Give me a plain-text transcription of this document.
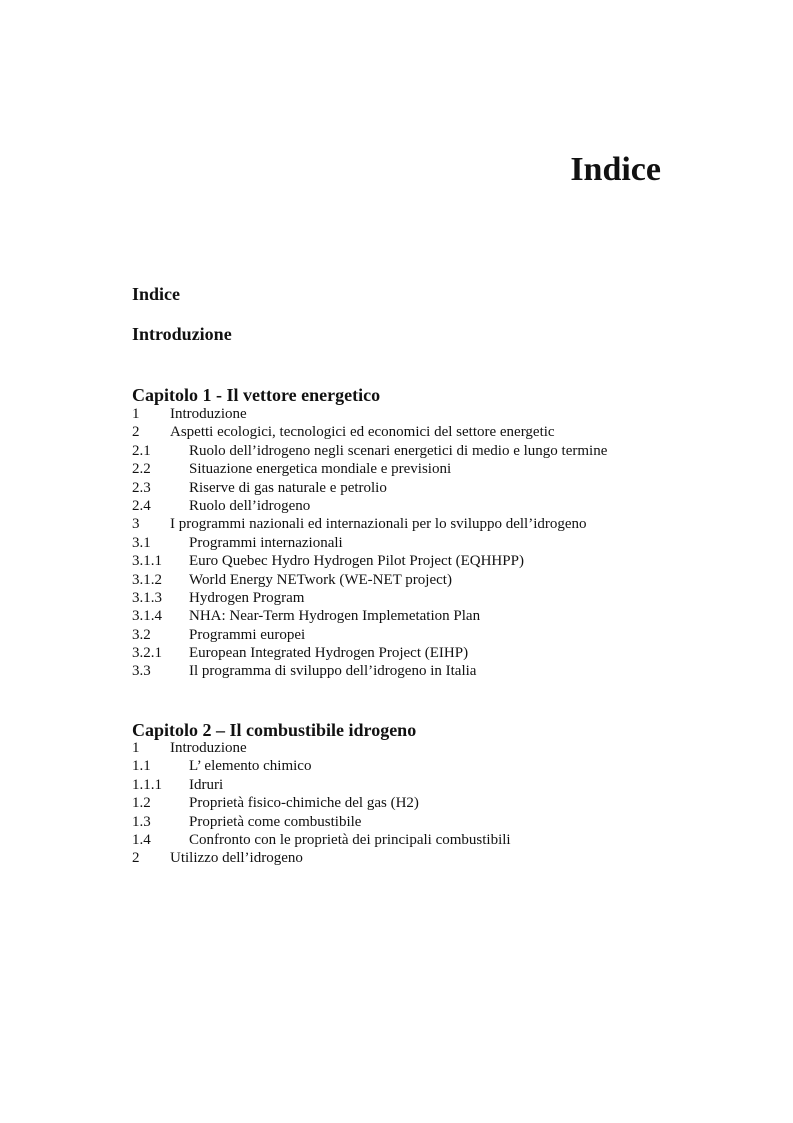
Indice
Indice
Introduzione
Capitolo 1 - Il vettore energetico
1 Introduzione
2 Aspetti ecologici, tecnologici ed economici del settore energetic
2.1	Ruolo dell’idrogeno negli scenari energetici di medio e lungo termine
2.2	Situazione energetica mondiale e previsioni
2.3	Riserve di gas naturale e petrolio
2.4	Ruolo dell’idrogeno
3 I programmi nazionali ed internazionali per lo sviluppo dell’idrogeno
3.1	Programmi internazionali
3.1.1 Euro Quebec Hydro Hydrogen Pilot Project (EQHHPP)
3.1.2 World Energy NETwork (WE-NET project)
3.1.3 Hydrogen Program
3.1.4 NHA: Near-Term Hydrogen Implemetation Plan
3.2	Programmi europei
3.2.1 European Integrated Hydrogen Project (EIHP)
3.3	Il programma di sviluppo dell’idrogeno in Italia
Capitolo 2 – Il combustibile idrogeno
1 Introduzione
1.1	L’ elemento chimico
1.1.1 Idruri
1.2	Proprietà fisico-chimiche del gas (H2)
1.3	Proprietà come combustibile
1.4	Confronto con le proprietà dei principali combustibili
2 Utilizzo dell’idrogeno
